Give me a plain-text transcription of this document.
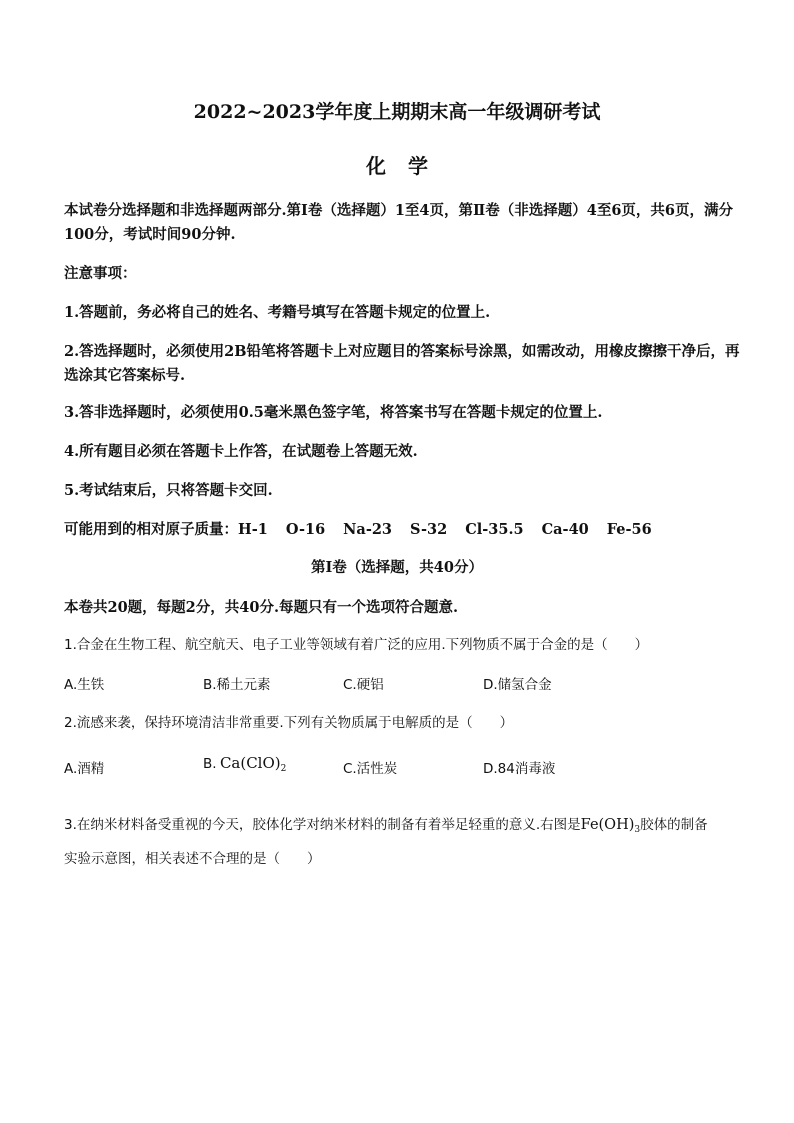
2022~2023学年度上期期末高一年级调研考试
化学
本试卷分选择题和非选择题两部分.第Ⅰ卷（选择题）1至4页，第Ⅱ卷（非选择题）4至6页，共6页，满分100分，考试时间90分钟.
注意事项：
1.答题前，务必将自己的姓名、考籍号填写在答题卡规定的位置上.
2.答选择题时，必须使用2B铅笔将答题卡上对应题目的答案标号涂黑，如需改动，用橡皮擦擦干净后，再选涂其它答案标号.
3.答非选择题时，必须使用0.5毫米黑色签字笔，将答案书写在答题卡规定的位置上.
4.所有题目必须在答题卡上作答，在试题卷上答题无效.
5.考试结束后，只将答题卡交回.
可能用到的相对原子质量：H-1 O-16 Na-23 S-32 Cl-35.5 Ca-40 Fe-56
第Ⅰ卷（选择题，共40分）
本卷共20题，每题2分，共40分.每题只有一个选项符合题意.
1.合金在生物工程、航空航天、电子工业等领域有着广泛的应用.下列物质不属于合金的是（　　）
A.生铁	B.稀土元素	C.硬铝	D.储氢合金
2.流感来袭，保持环境清洁非常重要.下列有关物质属于电解质的是（　　）
A.酒精	B. $Ca(ClO)_2$	C.活性炭	D.84消毒液
3.在纳米材料备受重视的今天，胶体化学对纳米材料的制备有着举足轻重的意义.右图是$Fe(OH)_3$胶体的制备
实验示意图，相关表述不合理的是（　　）
